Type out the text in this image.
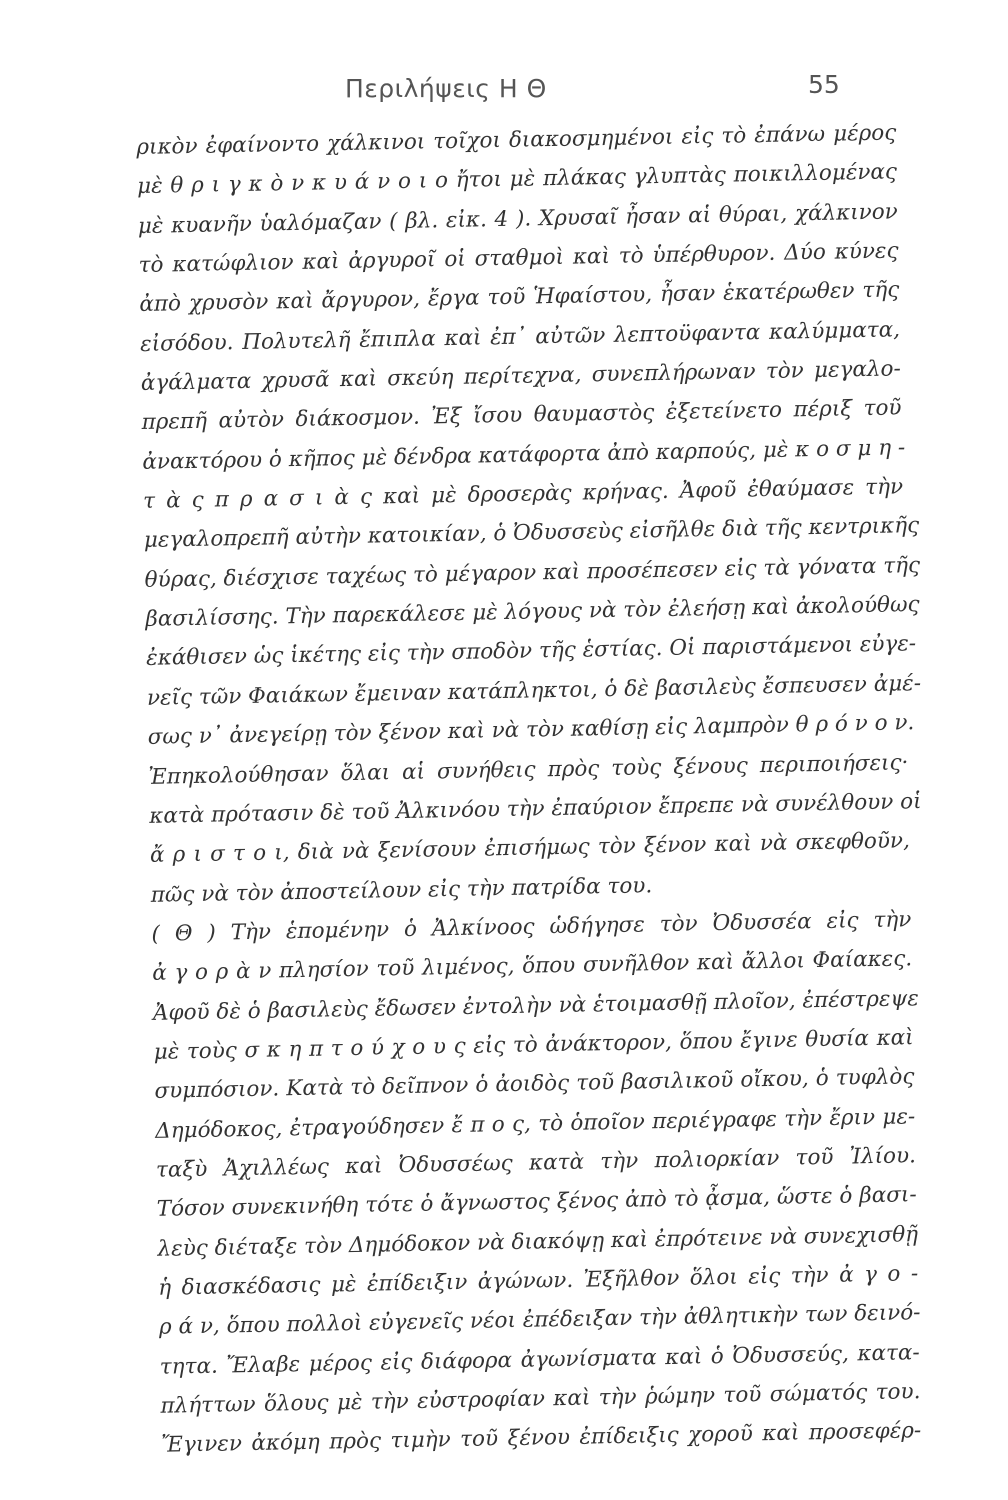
Περιλήψεις Η Θ	55
ρικὸν ἐφαίνοντο χάλκινοι τοῖχοι διακοσμημένοι εἰς τὸ ἐπάνω μέρος
μὲ θ ρ ι γ κ ὸ ν κ υ ά ν ο ι ο ἤτοι μὲ πλάκας γλυπτὰς ποικιλλομένας
μὲ κυανῆν ὑαλόμαζαν ( βλ. εἰκ. 4 ). Χρυσαῖ ἦσαν αἱ θύραι, χάλκινον
τὸ κατώφλιον καὶ ἀργυροῖ οἱ σταθμοὶ καὶ τὸ ὑπέρθυρον. Δύο κύνες
ἀπὸ χρυσὸν καὶ ἄργυρον, ἔργα τοῦ Ἡφαίστου, ἦσαν ἑκατέρωθεν τῆς
εἰσόδου. Πολυτελῆ ἔπιπλα καὶ ἐπ᾽ αὐτῶν λεπτοϋφαντα καλύμματα,
ἀγάλματα χρυσᾶ καὶ σκεύη περίτεχνα, συνεπλήρωναν τὸν μεγαλο-
πρεπῆ αὐτὸν διάκοσμον. Ἐξ ἴσου θαυμαστὸς ἐξετείνετο πέριξ τοῦ
ἀνακτόρου ὁ κῆπος μὲ δένδρα κατάφορτα ἀπὸ καρπούς, μὲ κ ο σ μ η -
τ ὰ ς π ρ α σ ι ὰ ς καὶ μὲ δροσερὰς κρήνας. Ἀφοῦ ἐθαύμασε τὴν
μεγαλοπρεπῆ αὐτὴν κατοικίαν, ὁ Ὀδυσσεὺς εἰσῆλθε διὰ τῆς κεντρικῆς
θύρας, διέσχισε ταχέως τὸ μέγαρον καὶ προσέπεσεν εἰς τὰ γόνατα τῆς
βασιλίσσης. Τὴν παρεκάλεσε μὲ λόγους νὰ τὸν ἐλεήσῃ καὶ ἀκολούθως
ἐκάθισεν ὡς ἱκέτης εἰς τὴν σποδὸν τῆς ἑστίας. Οἱ παριστάμενοι εὐγε-
νεῖς τῶν Φαιάκων ἔμειναν κατάπληκτοι, ὁ δὲ βασιλεὺς ἔσπευσεν ἀμέ-
σως ν᾽ ἀνεγείρῃ τὸν ξένον καὶ νὰ τὸν καθίσῃ εἰς λαμπρὸν θ ρ ό ν ο ν.
Ἐπηκολούθησαν ὅλαι αἱ συνήθεις πρὸς τοὺς ξένους περιποιήσεις·
κατὰ πρότασιν δὲ τοῦ Ἀλκινόου τὴν ἐπαύριον ἔπρεπε νὰ συνέλθουν οἱ
ἄ ρ ι σ τ ο ι, διὰ νὰ ξενίσουν ἐπισήμως τὸν ξένον καὶ νὰ σκεφθοῦν,
πῶς νὰ τὸν ἀποστείλουν εἰς τὴν πατρίδα του.
( Θ ) Τὴν ἑπομένην ὁ Ἀλκίνοος ὡδήγησε τὸν Ὀδυσσέα εἰς τὴν
ἀ γ ο ρ ὰ ν πλησίον τοῦ λιμένος, ὅπου συνῆλθον καὶ ἄλλοι Φαίακες.
Ἀφοῦ δὲ ὁ βασιλεὺς ἔδωσεν ἐντολὴν νὰ ἑτοιμασθῇ πλοῖον, ἐπέστρεψε
μὲ τοὺς σ κ η π τ ο ύ χ ο υ ς εἰς τὸ ἀνάκτορον, ὅπου ἔγινε θυσία καὶ
συμπόσιον. Κατὰ τὸ δεῖπνον ὁ ἀοιδὸς τοῦ βασιλικοῦ οἴκου, ὁ τυφλὸς
Δημόδοκος, ἐτραγούδησεν ἔ π ο ς, τὸ ὁποῖον περιέγραφε τὴν ἔριν με-
ταξὺ Ἀχιλλέως καὶ Ὀδυσσέως κατὰ τὴν πολιορκίαν τοῦ Ἰλίου.
Τόσον συνεκινήθη τότε ὁ ἄγνωστος ξένος ἀπὸ τὸ ᾆσμα, ὥστε ὁ βασι-
λεὺς διέταξε τὸν Δημόδοκον νὰ διακόψῃ καὶ ἐπρότεινε νὰ συνεχισθῇ
ἡ διασκέδασις μὲ ἐπίδειξιν ἀγώνων. Ἐξῆλθον ὅλοι εἰς τὴν ἀ γ ο -
ρ ά ν, ὅπου πολλοὶ εὐγενεῖς νέοι ἐπέδειξαν τὴν ἀθλητικὴν των δεινό-
τητα. Ἔλαβε μέρος εἰς διάφορα ἀγωνίσματα καὶ ὁ Ὀδυσσεύς, κατα-
πλήττων ὅλους μὲ τὴν εὐστροφίαν καὶ τὴν ῥώμην τοῦ σώματός του.
Ἔγινεν ἀκόμη πρὸς τιμὴν τοῦ ξένου ἐπίδειξις χοροῦ καὶ προσεφέρ-
